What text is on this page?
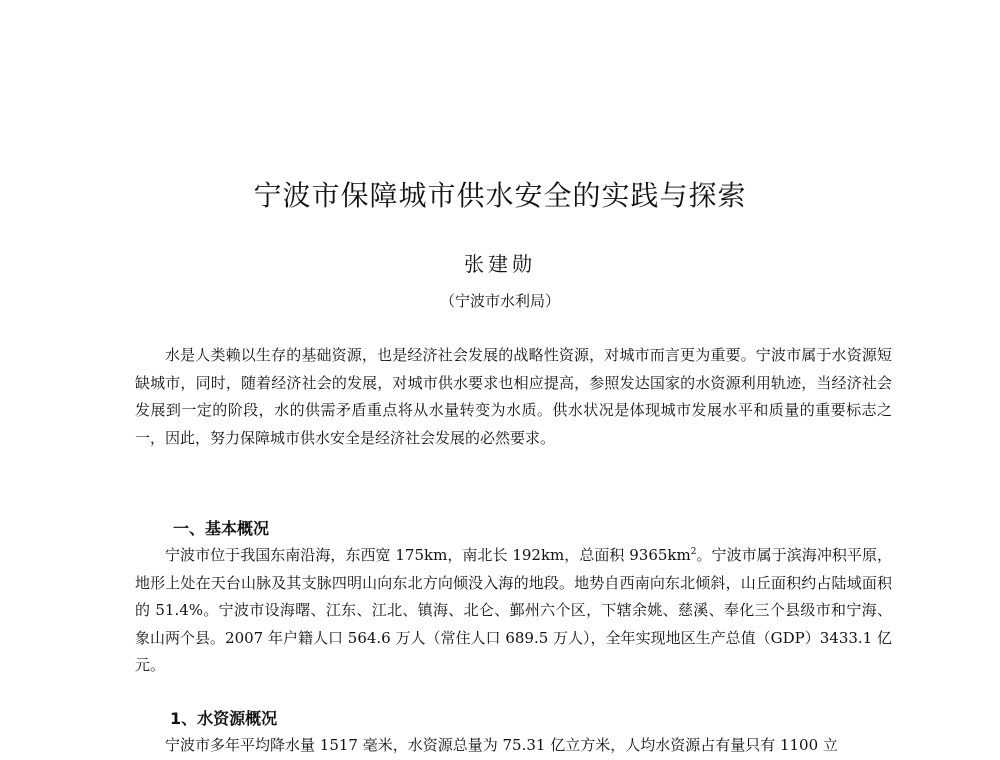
宁波市保障城市供水安全的实践与探索

张建勋

（宁波市水利局）

水是人类赖以生存的基础资源，也是经济社会发展的战略性资源，对城市而言更为重要。宁波市属于水资源短缺城市，同时，随着经济社会的发展，对城市供水要求也相应提高，参照发达国家的水资源利用轨迹，当经济社会发展到一定的阶段，水的供需矛盾重点将从水量转变为水质。供水状况是体现城市发展水平和质量的重要标志之一，因此，努力保障城市供水安全是经济社会发展的必然要求。

一、基本概况

宁波市位于我国东南沿海，东西宽 175km，南北长 192km，总面积 $9365km^2$。宁波市属于滨海冲积平原，地形上处在天台山脉及其支脉四明山向东北方向倾没入海的地段。地势自西南向东北倾斜，山丘面积约占陆域面积的 51.4%。宁波市设海曙、江东、江北、镇海、北仑、鄞州六个区，下辖余姚、慈溪、奉化三个县级市和宁海、象山两个县。2007 年户籍人口 564.6 万人（常住人口 689.5 万人），全年实现地区生产总值（GDP）3433.1 亿元。

1、水资源概况

宁波市多年平均降水量 1517 毫米，水资源总量为 75.31 亿立方米，人均水资源占有量只有 1100 立
